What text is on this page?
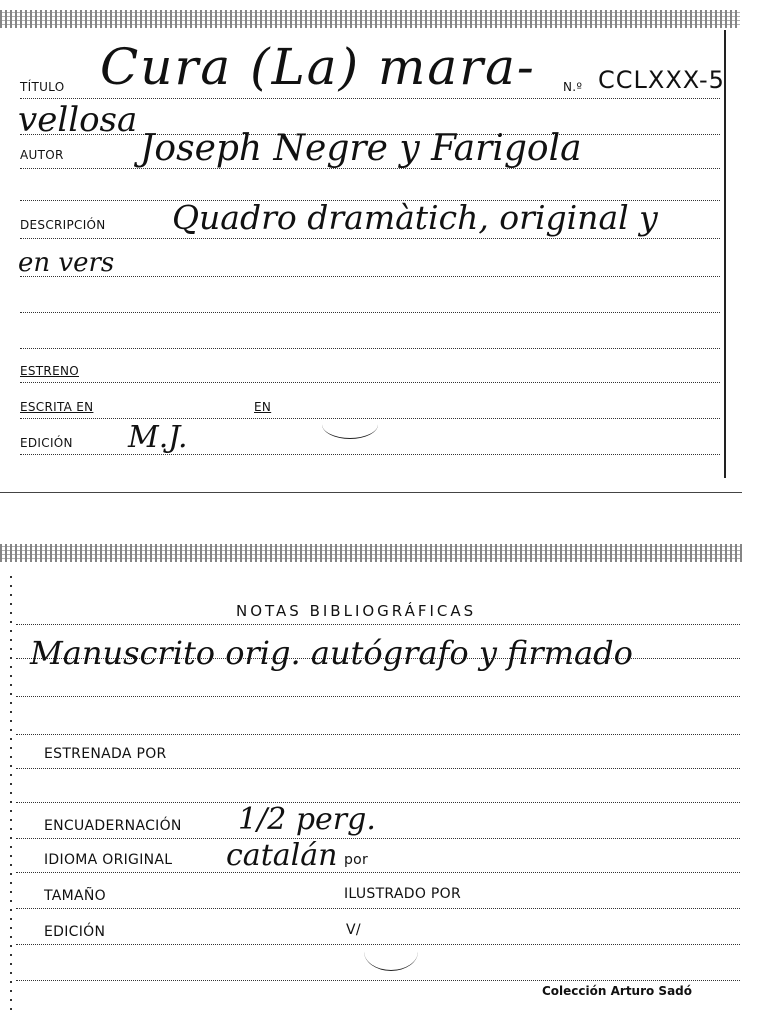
TÍTULO Cura (La) mara- N.º CCLXXX-5
vellosa
AUTOR Joseph Negre y Farigola
DESCRIPCIÓN Quadro dramàtich, original y
en vers
ESTRENO
ESCRITA EN	EN
EDICIÓN M.J.
NOTAS BIBLIOGRÁFICAS
Manuscrito orig. autógrafo y firmado
ESTRENADA POR
ENCUADERNACIÓN 1/2 perg.
IDIOMA ORIGINAL catalán por
TAMAÑO	ILUSTRADO POR
EDICIÓN	V/
Colección Arturo Sadó
